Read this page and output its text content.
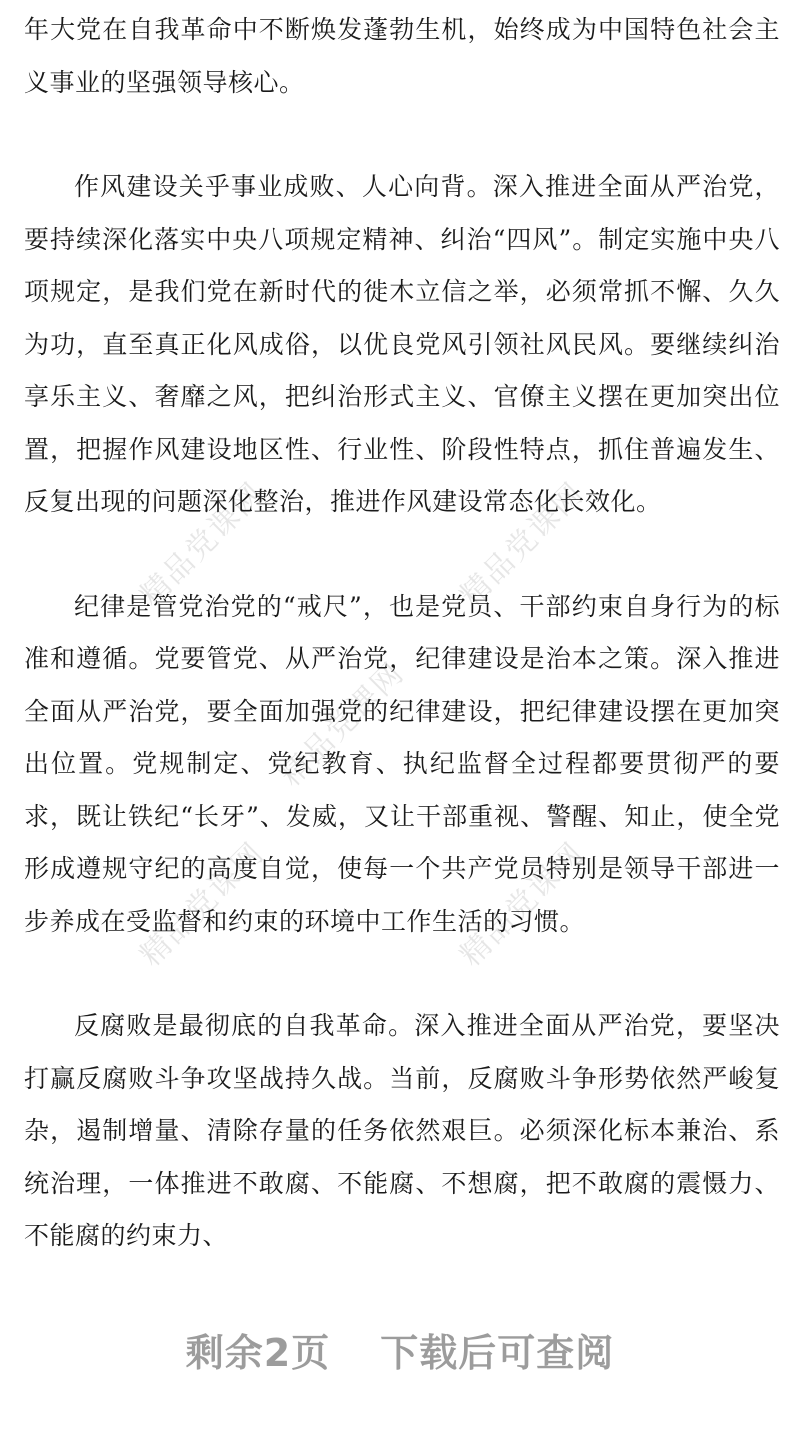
精品党课网	精品党课网
精品党课网
精品党课网	精品党课网

年大党在自我革命中不断焕发蓬勃生机，始终成为中国特色社会主义事业的坚强领导核心。

作风建设关乎事业成败、人心向背。深入推进全面从严治党，要持续深化落实中央八项规定精神、纠治“四风”。制定实施中央八项规定，是我们党在新时代的徙木立信之举，必须常抓不懈、久久为功，直至真正化风成俗，以优良党风引领社风民风。要继续纠治享乐主义、奢靡之风，把纠治形式主义、官僚主义摆在更加突出位置，把握作风建设地区性、行业性、阶段性特点，抓住普遍发生、反复出现的问题深化整治，推进作风建设常态化长效化。

纪律是管党治党的“戒尺”，也是党员、干部约束自身行为的标准和遵循。党要管党、从严治党，纪律建设是治本之策。深入推进全面从严治党，要全面加强党的纪律建设，把纪律建设摆在更加突出位置。党规制定、党纪教育、执纪监督全过程都要贯彻严的要求，既让铁纪“长牙”、发威，又让干部重视、警醒、知止，使全党形成遵规守纪的高度自觉，使每一个共产党员特别是领导干部进一步养成在受监督和约束的环境中工作生活的习惯。

反腐败是最彻底的自我革命。深入推进全面从严治党，要坚决打赢反腐败斗争攻坚战持久战。当前，反腐败斗争形势依然严峻复杂，遏制增量、清除存量的任务依然艰巨。必须深化标本兼治、系统治理，一体推进不敢腐、不能腐、不想腐，把不敢腐的震慑力、不能腐的约束力、

剩余2页 下载后可查阅
